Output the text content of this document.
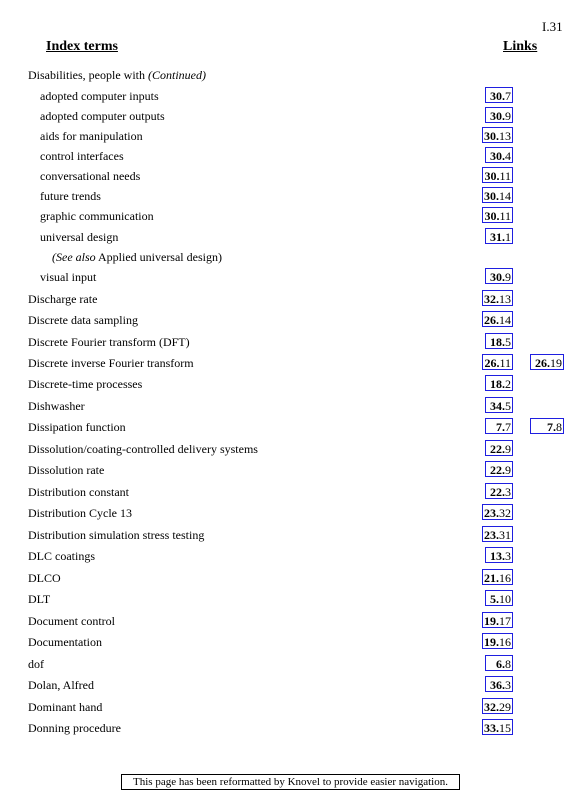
I.31
Index terms	Links
Disabilities, people with (Continued)
adopted computer inputs	30.7
adopted computer outputs	30.9
aids for manipulation	30.13
control interfaces	30.4
conversational needs	30.11
future trends	30.14
graphic communication	30.11
universal design	31.1
(See also Applied universal design)
visual input	30.9
Discharge rate	32.13
Discrete data sampling	26.14
Discrete Fourier transform (DFT)	18.5
Discrete inverse Fourier transform	26.11	26.19
Discrete-time processes	18.2
Dishwasher	34.5
Dissipation function	7.7	7.8
Dissolution/coating-controlled delivery systems	22.9
Dissolution rate	22.9
Distribution constant	22.3
Distribution Cycle 13	23.32
Distribution simulation stress testing	23.31
DLC coatings	13.3
DLCO	21.16
DLT	5.10
Document control	19.17
Documentation	19.16
dof	6.8
Dolan, Alfred	36.3
Dominant hand	32.29
Donning procedure	33.15
This page has been reformatted by Knovel to provide easier navigation.
